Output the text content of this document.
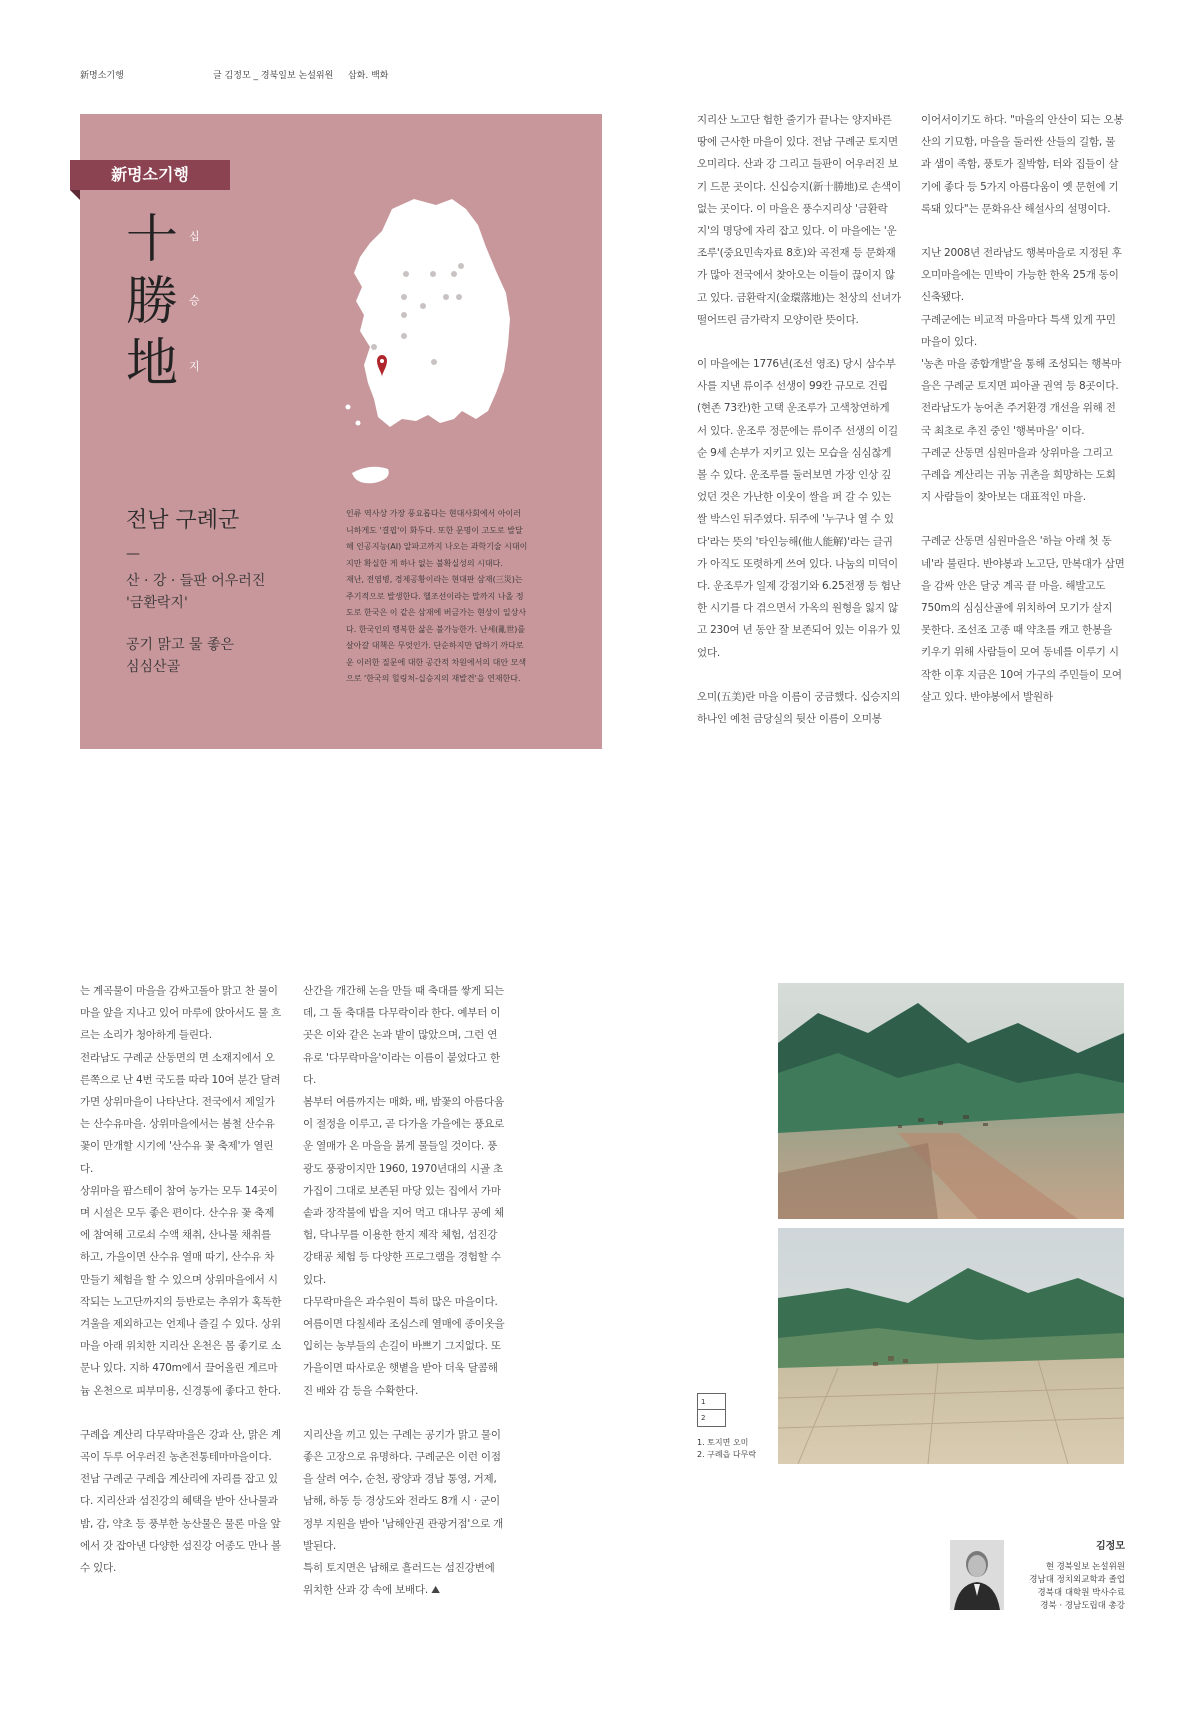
新명소기행	글 김정모 _ 경북일보 논설위원 삽화. 백화
新명소기행
十
勝
地
십
승
지
전남 구례군
—
산 · 강 · 들판 어우러진
'금환락지'
공기 맑고 물 좋은
심심산골

인류 역사상 가장 풍요롭다는 현대사회에서 아이러니하게도 '결핍'이 화두다. 또한 문명이 고도로 발달해 인공지능(AI) 알파고까지 나오는 과학기술 시대이지만 확실한 게 하나 없는 불확실성의 시대다.

재난, 전염병, 경제공황이라는 현대판 삼재(三災)는 주기적으로 발생한다. 헬조선이라는 말까지 나올 정도로 한국은 이 같은 삼재에 버금가는 현상이 일상사다. 한국인의 행복한 삶은 불가능한가. 난세(亂世)를 살아갈 대책은 무엇인가. 단순하지만 답하기 까다로운 이러한 질문에 대한 공간적 차원에서의 대안 모색으로 '한국의 힐링처-십승지의 재발견'을 연재한다.

지리산 노고단 험한 줄기가 끝나는 양지바른 땅에 근사한 마을이 있다. 전남 구례군 토지면 오미리다. 산과 강 그리고 들판이 어우러진 보기 드문 곳이다. 신십승지(新十勝地)로 손색이 없는 곳이다. 이 마을은 풍수지리상 '금환락지'의 명당에 자리 잡고 있다. 이 마을에는 '운조루'(중요민속자료 8호)와 곡전재 등 문화재가 많아 전국에서 찾아오는 이들이 끊이지 않고 있다. 금환락지(金環落地)는 천상의 선녀가 떨어뜨린 금가락지 모양이란 뜻이다.

이 마을에는 1776년(조선 영조) 당시 삼수부사를 지낸 류이주 선생이 99칸 규모로 건립(현존 73칸)한 고택 운조루가 고색창연하게 서 있다. 운조루 정문에는 류이주 선생의 이길순 9세 손부가 지키고 있는 모습을 심심찮게 볼 수 있다. 운조루를 둘러보면 가장 인상 깊었던 것은 가난한 이웃이 쌀을 퍼 갈 수 있는 쌀 박스인 뒤주였다. 뒤주에 '누구나 열 수 있다'라는 뜻의 '타인능해(他人能解)'라는 글귀가 아직도 또렷하게 쓰여 있다. 나눔의 미덕이다. 운조루가 일제 강점기와 6.25전쟁 등 험난한 시기를 다 겪으면서 가옥의 원형을 잃지 않고 230여 년 동안 잘 보존되어 있는 이유가 있었다.

오미(五美)란 마을 이름이 궁금했다. 십승지의 하나인 예천 금당실의 뒷산 이름이 오미봉

이어서이기도 하다. "마을의 안산이 되는 오봉산의 기묘함, 마을을 둘러싼 산들의 길함, 물과 샘이 족함, 풍토가 질박함, 터와 집들이 살기에 좋다 등 5가지 아름다움이 옛 문헌에 기록돼 있다"는 문화유산 해설사의 설명이다.

지난 2008년 전라남도 행복마을로 지정된 후 오미마을에는 민박이 가능한 한옥 25개 동이 신축됐다.

구례군에는 비교적 마을마다 특색 있게 꾸민 마을이 있다.

'농촌 마을 종합개발'을 통해 조성되는 행복마을은 구례군 토지면 피아골 권역 등 8곳이다. 전라남도가 농어촌 주거환경 개선을 위해 전국 최초로 추진 중인 '행복마을' 이다.

구례군 산동면 심원마을과 상위마을 그리고 구례읍 계산리는 귀농 귀촌을 희망하는 도회지 사람들이 찾아보는 대표적인 마을.

구례군 산동면 심원마을은 '하늘 아래 첫 동네'라 불린다. 반야봉과 노고단, 만복대가 삼면을 감싸 안은 달궁 계곡 끝 마을. 해발고도 750m의 심심산골에 위치하여 모기가 살지 못한다. 조선조 고종 때 약초를 캐고 한봉을 키우기 위해 사람들이 모여 동네를 이루기 시작한 이후 지금은 10여 가구의 주민들이 모여 살고 있다. 반야봉에서 발원하

는 계곡물이 마을을 감싸고돌아 맑고 찬 물이 마을 앞을 지나고 있어 마루에 앉아서도 물 흐르는 소리가 청아하게 들린다.

전라남도 구례군 산동면의 면 소재지에서 오른쪽으로 난 4번 국도를 따라 10여 분간 달려가면 상위마을이 나타난다. 전국에서 제일가는 산수유마을. 상위마을에서는 봄철 산수유 꽃이 만개할 시기에 '산수유 꽃 축제'가 열린다.

상위마을 팜스테이 참여 농가는 모두 14곳이며 시설은 모두 좋은 편이다. 산수유 꽃 축제에 참여해 고로쇠 수액 채취, 산나물 채취를 하고, 가을이면 산수유 열매 따기, 산수유 차 만들기 체험을 할 수 있으며 상위마을에서 시작되는 노고단까지의 등반로는 추위가 혹독한 겨울을 제외하고는 언제나 즐길 수 있다. 상위마을 아래 위치한 지리산 온천은 몸 좋기로 소문나 있다. 지하 470m에서 끌어올린 게르마늄 온천으로 피부미용, 신경통에 좋다고 한다.

구례읍 계산리 다무락마을은 강과 산, 맑은 계곡이 두루 어우러진 농촌전통테마마을이다. 전남 구례군 구례읍 계산리에 자리를 잡고 있다. 지리산과 섬진강의 혜택을 받아 산나물과 밤, 감, 약초 등 풍부한 농산물은 물론 마을 앞에서 갓 잡아낸 다양한 섬진강 어종도 만나 볼 수 있다.

산간을 개간해 논을 만들 때 축대를 쌓게 되는데, 그 돌 축대를 다무락이라 한다. 예부터 이곳은 이와 같은 논과 밭이 많았으며, 그런 연유로 '다무락마을'이라는 이름이 붙었다고 한다.

봄부터 여름까지는 매화, 배, 밤꽃의 아름다움이 절정을 이루고, 곧 다가올 가을에는 풍요로운 열매가 온 마을을 붉게 물들일 것이다. 풍광도 풍광이지만 1960, 1970년대의 시골 초가집이 그대로 보존된 마당 있는 집에서 가마솥과 장작불에 밥을 지어 먹고 대나무 공예 체험, 닥나무를 이용한 한지 제작 체험, 섬진강 강태공 체험 등 다양한 프로그램을 경험할 수 있다.

다무락마을은 과수원이 특히 많은 마을이다. 여름이면 다칠세라 조심스레 열매에 종이옷을 입히는 농부들의 손길이 바쁘기 그지없다. 또 가을이면 따사로운 햇볕을 받아 더욱 달콤해진 배와 감 등을 수확한다.

지리산을 끼고 있는 구례는 공기가 맑고 물이 좋은 고장으로 유명하다. 구례군은 이런 이점을 살려 여수, 순천, 광양과 경남 통영, 거제, 남해, 하동 등 경상도와 전라도 8개 시 · 군이 정부 지원을 받아 '남해안권 관광거점'으로 개발된다.

특히 토지면은 남해로 흘러드는 섬진강변에 위치한 산과 강 속에 보배다. ⛰

1
2
1. 토지면 오미
2. 구례읍 다무락
김정모
현 경북일보 논설위원
경남대 정치외교학과 졸업
경북대 대학원 박사수료
경북 · 경남도립대 총강
